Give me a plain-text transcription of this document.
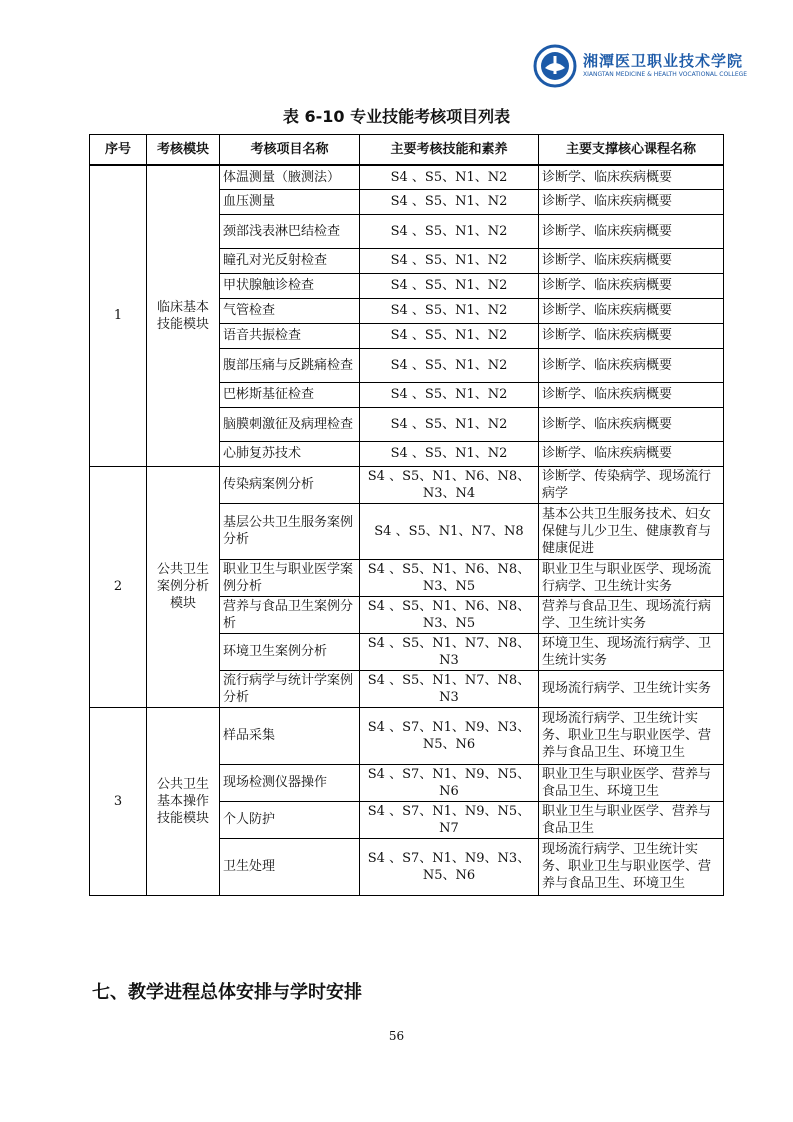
湘潭医卫职业技术学院
XIANGTAN MEDICINE & HEALTH VOCATIONAL COLLEGE
表 6-10 专业技能考核项目列表
序号	考核模块	考核项目名称	主要考核技能和素养	主要支撑核心课程名称
1	临床基本技能模块	体温测量（腋测法）	S4 、S5、N1、N2	诊断学、临床疾病概要
		血压测量	S4 、S5、N1、N2	诊断学、临床疾病概要
		颈部浅表淋巴结检查	S4 、S5、N1、N2	诊断学、临床疾病概要
		瞳孔对光反射检查	S4 、S5、N1、N2	诊断学、临床疾病概要
		甲状腺触诊检查	S4 、S5、N1、N2	诊断学、临床疾病概要
		气管检查	S4 、S5、N1、N2	诊断学、临床疾病概要
		语音共振检查	S4 、S5、N1、N2	诊断学、临床疾病概要
		腹部压痛与反跳痛检查	S4 、S5、N1、N2	诊断学、临床疾病概要
		巴彬斯基征检查	S4 、S5、N1、N2	诊断学、临床疾病概要
		脑膜刺激征及病理检查	S4 、S5、N1、N2	诊断学、临床疾病概要
		心肺复苏技术	S4 、S5、N1、N2	诊断学、临床疾病概要
2	公共卫生案例分析模块	传染病案例分析	S4 、S5、N1、N6、N8、N3、N4	诊断学、传染病学、现场流行病学
		基层公共卫生服务案例分析	S4 、S5、N1、N7、N8	基本公共卫生服务技术、妇女保健与儿少卫生、健康教育与健康促进
		职业卫生与职业医学案例分析	S4 、S5、N1、N6、N8、N3、N5	职业卫生与职业医学、现场流行病学、卫生统计实务
		营养与食品卫生案例分析	S4 、S5、N1、N6、N8、N3、N5	营养与食品卫生、现场流行病学、卫生统计实务
		环境卫生案例分析	S4 、S5、N1、N7、N8、N3	环境卫生、现场流行病学、卫生统计实务
		流行病学与统计学案例分析	S4 、S5、N1、N7、N8、N3	现场流行病学、卫生统计实务
3	公共卫生基本操作技能模块	样品采集	S4 、S7、N1、N9、N3、N5、N6	现场流行病学、卫生统计实务、职业卫生与职业医学、营养与食品卫生、环境卫生
		现场检测仪器操作	S4 、S7、N1、N9、N5、N6	职业卫生与职业医学、营养与食品卫生、环境卫生
		个人防护	S4 、S7、N1、N9、N5、N7	职业卫生与职业医学、营养与食品卫生
		卫生处理	S4 、S7、N1、N9、N3、N5、N6	现场流行病学、卫生统计实务、职业卫生与职业医学、营养与食品卫生、环境卫生
七、教学进程总体安排与学时安排
56
